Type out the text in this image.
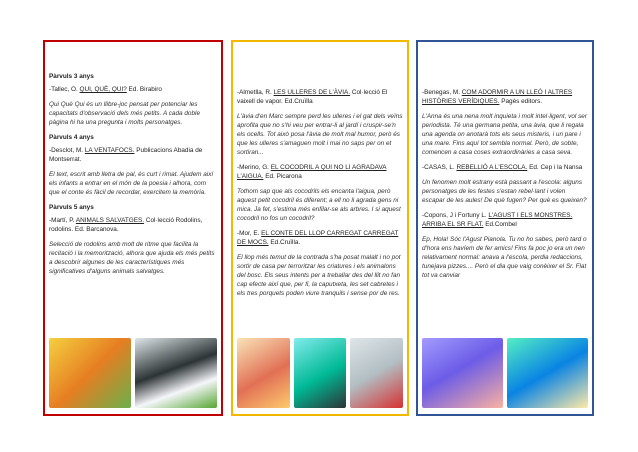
Pàrvuls 3 anys
-Tallec, O. QUI, QUÈ, QUI? Ed. Birabiro
Qui Què Qui és un llibre-joc pensat per potenciar les capacitats d'observació dels més petits. A cada doble pàgina hi ha una pregunta i molts personatges.
Pàrvuls 4 anys
-Desclot, M. LA VENTAFOCS. Publicacions Abadia de Montserrat.
El text, escrit amb lletra de pal, és curt i rimat. Ajudem així els infants a entrar en el món de la poesia i alhora, com que el conte és fàcil de recordar, exercitem la memòria.
Pàrvuls 5 anys
-Martí, P. ANIMALS SALVATGES. Col·lecció Rodolins, rodolins. Ed. Barcanova.
Selecció de rodolins amb molt de ritme que facilita la recitació i la memorització, alhora que ajuda els més petits a descobrir algunes de les característiques més significatives d'alguns animals salvatges.
-Almetlla, R. LES ULLERES DE L'ÀVIA. Col·lecció El vaixell de vapor. Ed.Cruïlla
L'àvia d'en Marc sempre perd les ulleres i el gat dels veïns aprofita que no s'hi veu per entrar-li al jardí i cruspir-se'n els ocells. Tot això posa l'àvia de molt mal humor, però és que les ulleres s'amaguen molt i mai no saps per on et sortiran...
-Merino, G. EL COCODRIL A QUI NO LI AGRADAVA L'AIGUA. Ed. Picarona
Tothom sap que als cocodrils els encanta l'aigua, però aquest petit cocodril és diferent; a ell no li agrada gens ni mica. Ja fet, s'estima més enfilar-se als arbres. I si aquest cocodril no fos un cocodril?
-Mor, E. EL CONTE DEL LLOP CARREGAT CARREGAT DE MOCS. Ed.Cruïlla.
El llop més temut de la contrada s'ha posat malalt i no pot sortir de casa per terroritzar les criatures i els animalons del bosc. Els seus intents per a treballar des del llit no fan cap efecte així que, per fi, la caputxeta, les set cabretes i els tres porquets poden viure tranquils i sense por de res.
-Benegas, M. COM ADORMIR A UN LLEÓ I ALTRES HISTÒRIES VERÍDIQUES. Pagès editors.
L'Anna és una nena molt inquieta i molt intel·ligent, vol ser periodista. Té una germana petita, una àvia, que li regala una agenda on anotarà tots els seus misteris, i un pare i una mare. Fins aquí tot sembla normal. Però, de sobte, comencen a casa coses extraordinàries a casa seva.
-CASAS, L. REBELLIÓ A L'ESCOLA. Ed. Cep i la Nansa
Un fenomen molt estrany està passant a l'escola: alguns personatges de les festes s'estan rebel·lant i volen escapar de les aules! De què fugen? Per què es queixen?
-Copons, J i Fortuny L. L'AGUST I ELS MONSTRES. ARRIBA EL SR FLAT. Ed.Combel
Ep, Hola! Sóc l'Agust Pianola. Tu no ho sabes, però tard o d'hora ens havíem de fer amics! Fins fa poc jo era un nen relativament normal: anava a l'escola, perdia redaccions, tunejava pizzes.... Però el dia que vaig conèixer el Sr. Flat tot va canviar
